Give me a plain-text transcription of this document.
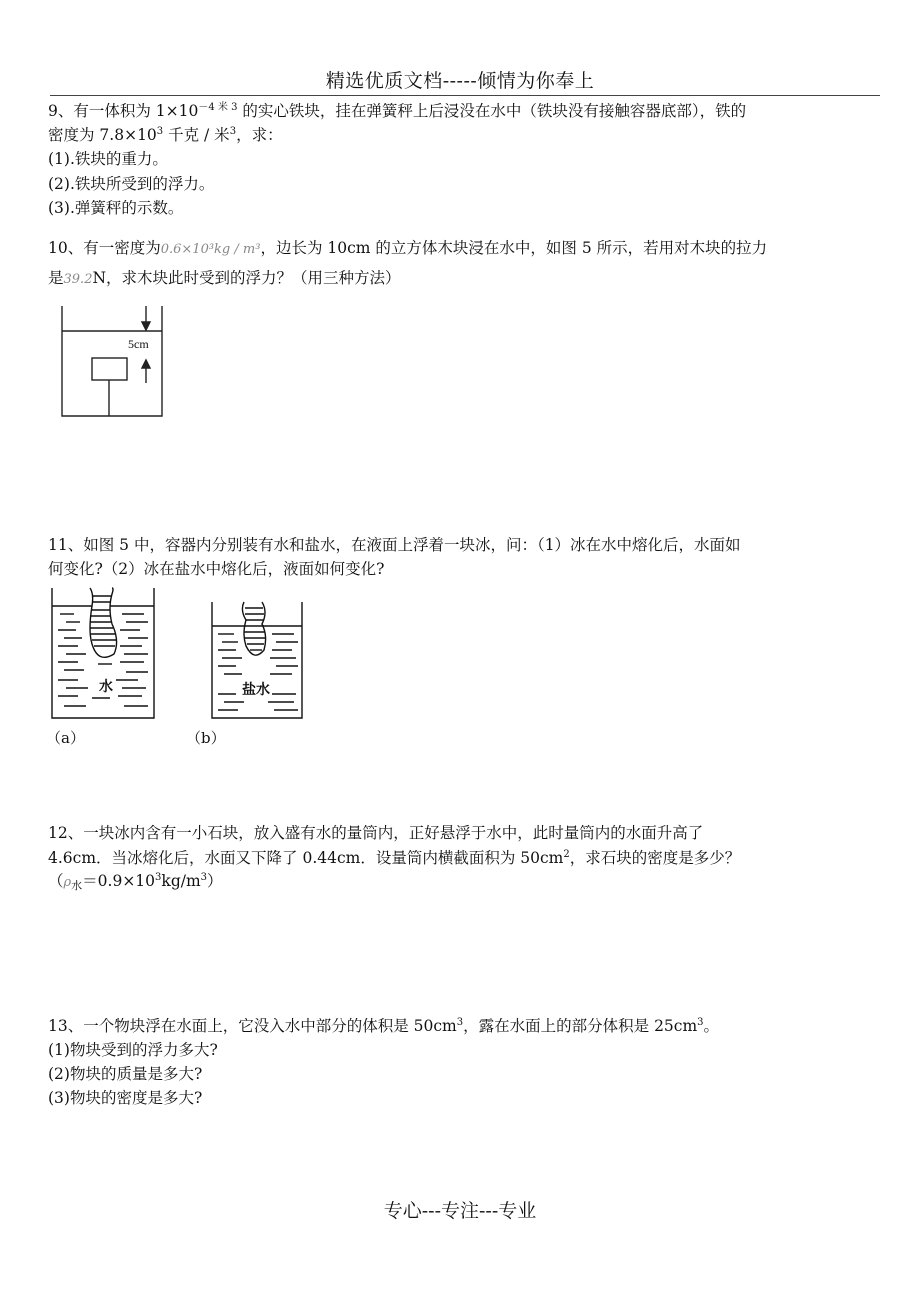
精选优质文档-----倾情为你奉上
9、有一体积为 $1\times 10^{-4 米 3}$ 的实心铁块，挂在弹簧秤上后浸没在水中（铁块没有接触容器底部），铁的
密度为 $7.8\times 10^3$ 千克 / 米$^3$，求：
(1).铁块的重力。
(2).铁块所受到的浮力。
(3).弹簧秤的示数。
10、有一密度为0.6×10³kg / m³，边长为 10cm 的立方体木块浸在水中，如图 5 所示，若用对木块的拉力
是39.2N，求木块此时受到的浮力？（用三种方法）
5cm
11、如图 5 中，容器内分别装有水和盐水，在液面上浮着一块冰，问：（1）冰在水中熔化后，水面如
何变化?（2）冰在盐水中熔化后，液面如何变化?
水	盐水
（a）	（b）
12、一块冰内含有一小石块，放入盛有水的量筒内，正好悬浮于水中，此时量筒内的水面升高了
4.6cm．当冰熔化后，水面又下降了 0.44cm．设量筒内横截面积为 $50cm^2$，求石块的密度是多少？
$(\rho_水=0.9\times 10^3kg/m^3)$
13、一个物块浮在水面上，它没入水中部分的体积是 $50cm^3$，露在水面上的部分体积是 $25cm^3$。
(1)物块受到的浮力多大?
(2)物块的质量是多大?
(3)物块的密度是多大?
专心---专注---专业
